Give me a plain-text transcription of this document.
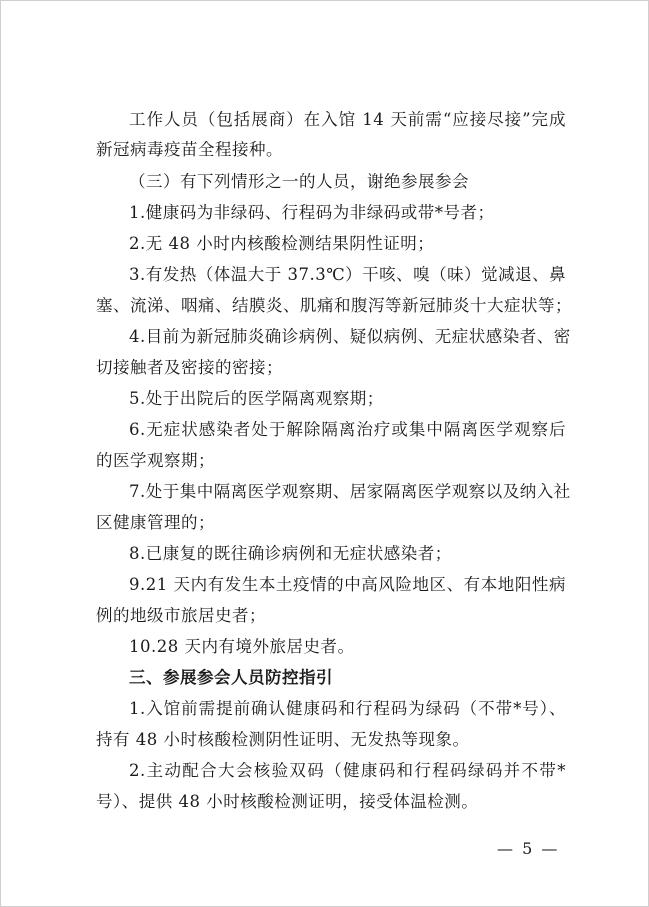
工作人员（包括展商）在入馆 14 天前需“应接尽接”完成
新冠病毒疫苗全程接种。
（三）有下列情形之一的人员，谢绝参展参会
1.健康码为非绿码、行程码为非绿码或带*号者；
2.无 48 小时内核酸检测结果阴性证明；
3.有发热（体温大于 37.3℃）干咳、嗅（味）觉减退、鼻
塞、流涕、咽痛、结膜炎、肌痛和腹泻等新冠肺炎十大症状等；
4.目前为新冠肺炎确诊病例、疑似病例、无症状感染者、密
切接触者及密接的密接；
5.处于出院后的医学隔离观察期；
6.无症状感染者处于解除隔离治疗或集中隔离医学观察后
的医学观察期；
7.处于集中隔离医学观察期、居家隔离医学观察以及纳入社
区健康管理的；
8.已康复的既往确诊病例和无症状感染者；
9.21 天内有发生本土疫情的中高风险地区、有本地阳性病
例的地级市旅居史者；
10.28 天内有境外旅居史者。
三、参展参会人员防控指引
1.入馆前需提前确认健康码和行程码为绿码（不带*号）、
持有 48 小时核酸检测阴性证明、无发热等现象。
2.主动配合大会核验双码（健康码和行程码绿码并不带*
号）、提供 48 小时核酸检测证明，接受体温检测。
— 5 —
